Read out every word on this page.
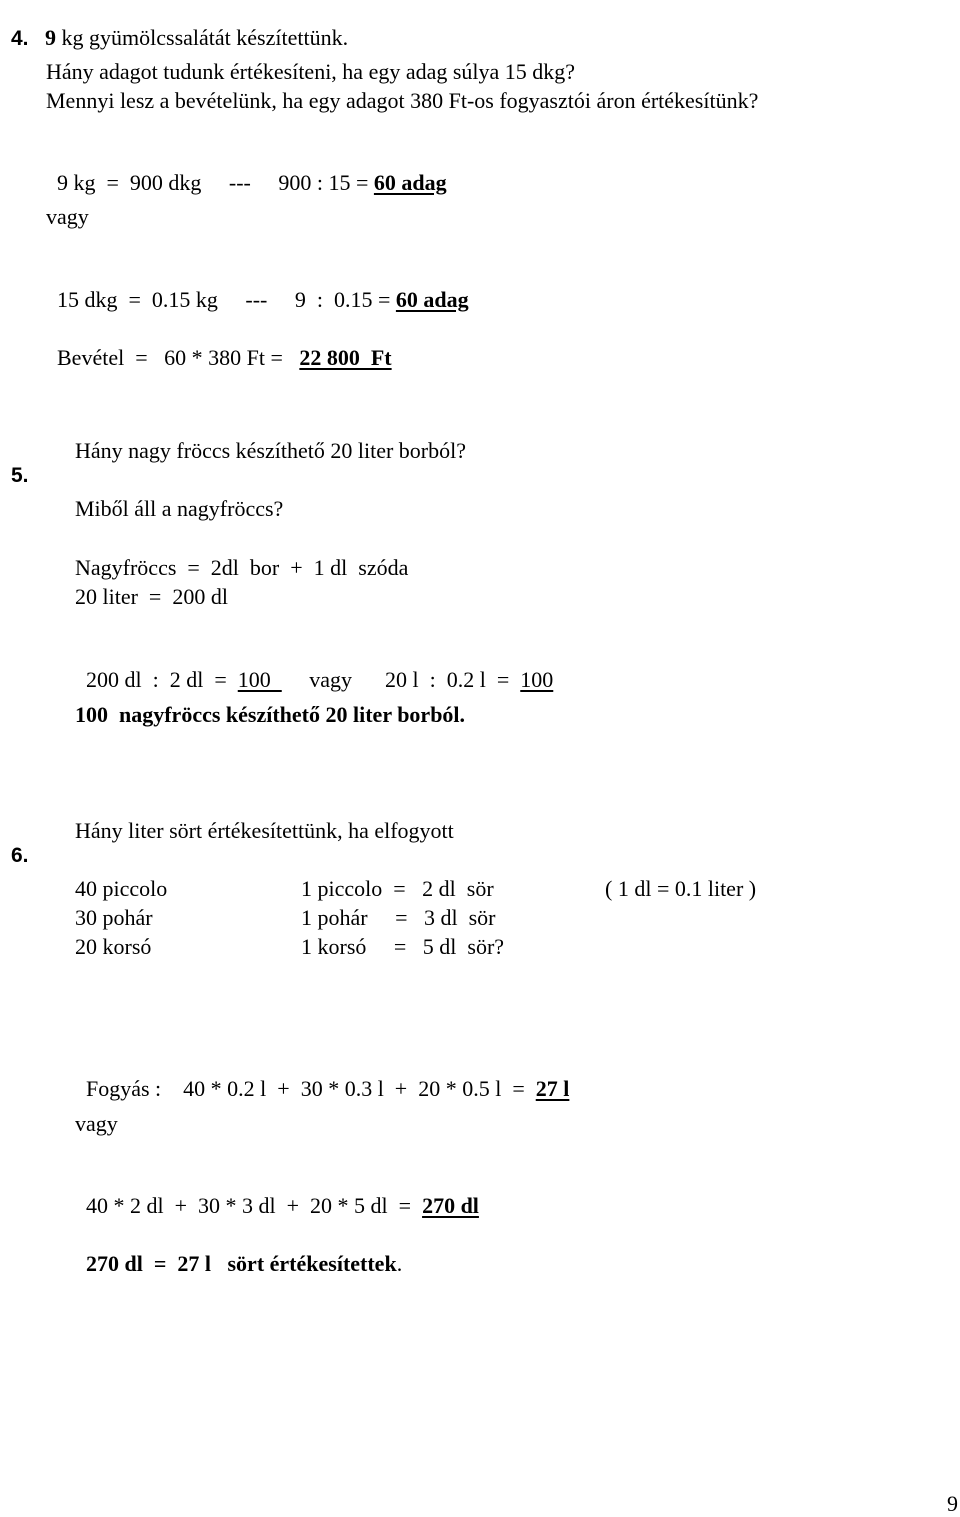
4. 9 kg gyümölcssalátát készítettünk.

Hány adagot tudunk értékesíteni, ha egy adag súlya 15 dkg?
Mennyi lesz a bevételünk, ha egy adagot 380 Ft-os fogyasztói áron értékesítünk?

9 kg  =  900 dkg     ---     900 : 15 = 60 adag

vagy

15 dkg  =  0.15 kg     ---     9  :  0.15 = 60 adag

Bevétel  =   60 * 380 Ft =   22 800  Ft

5.

Hány nagy fröccs készíthető 20 liter borból?
Miből áll a nagyfröccs?
Nagyfröccs  =  2dl  bor  +  1 dl  szóda
20 liter  =  200 dl

200 dl  :  2 dl  =  100       vagy      20 l  :  0.2 l  =  100

100  nagyfröccs készíthető 20 liter borból.

6.

Hány liter sört értékesítettünk, ha elfogyott
40 piccolo	1 piccolo  =   2 dl  sör	( 1 dl = 0.1 liter )
30 pohár	1 pohár     =   3 dl  sör
20 korsó	1 korsó     =   5 dl  sör?

Fogyás :    40 * 0.2 l  +  30 * 0.3 l  +  20 * 0.5 l  =  27 l

vagy

40 * 2 dl  +  30 * 3 dl  +  20 * 5 dl  =  270 dl

270 dl  =  27 l   sört értékesítettek.

9
